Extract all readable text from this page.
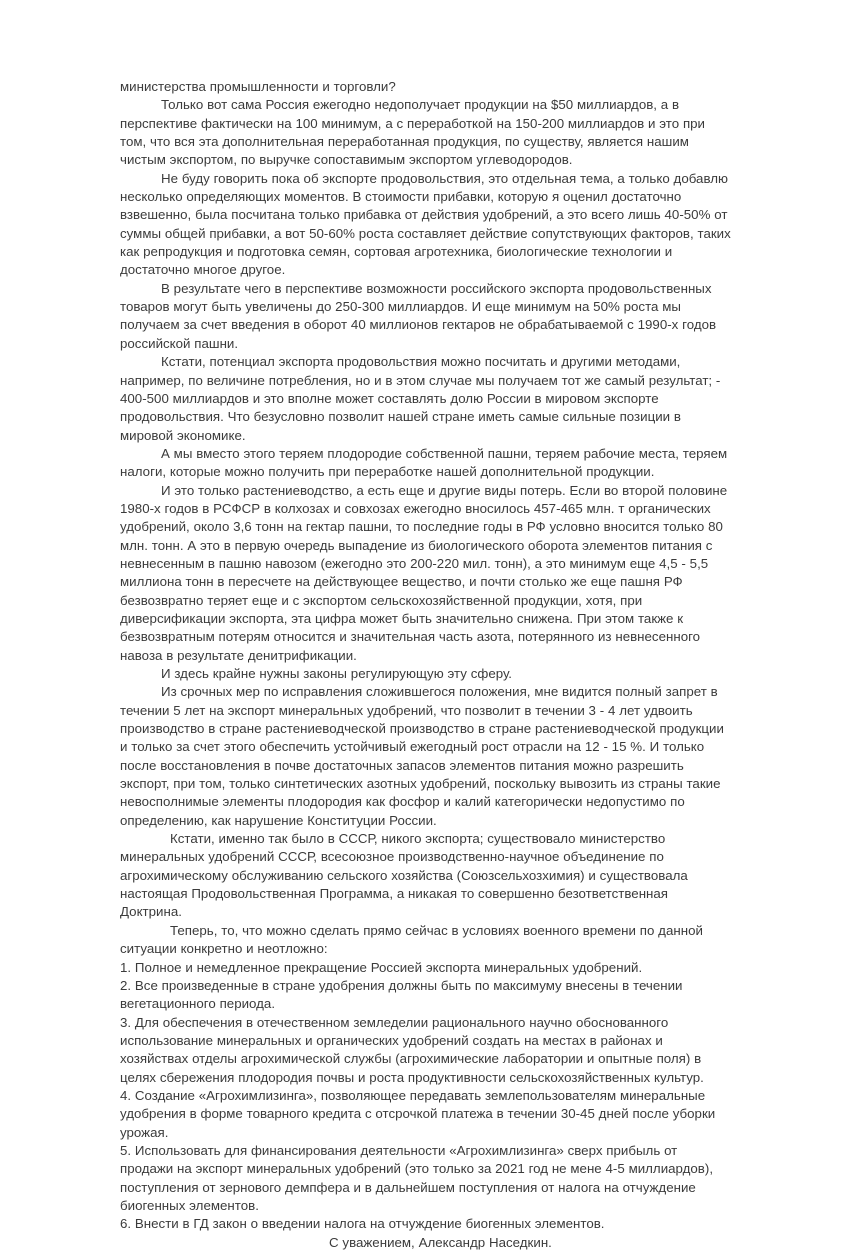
министерства промышленности и торговли?

Только вот сама Россия ежегодно недополучает продукции на $50 миллиардов, а в перспективе фактически на 100 минимум, а с переработкой на 150-200 миллиардов и это при том, что вся эта дополнительная переработанная продукция, по существу, является нашим чистым экспортом, по выручке сопоставимым экспортом углеводородов.

Не буду говорить пока об экспорте продовольствия, это отдельная тема, а только добавлю несколько определяющих моментов. В стоимости прибавки, которую я оценил достаточно взвешенно, была посчитана только прибавка от действия удобрений, а это всего лишь 40-50% от суммы общей прибавки, а вот 50-60% роста составляет действие сопутствующих факторов, таких как репродукция и подготовка семян, сортовая агротехника, биологические технологии и достаточно многое другое.

В результате чего в перспективе возможности российского экспорта продовольственных товаров могут быть увеличены до 250-300 миллиардов. И еще минимум на 50% роста мы получаем за счет введения в оборот 40 миллионов гектаров не обрабатываемой с 1990-х годов российской пашни.

Кстати, потенциал экспорта продовольствия можно посчитать и другими методами, например, по величине потребления, но и в этом случае мы получаем тот же самый результат; - 400-500 миллиардов и это вполне может составлять долю России в мировом экспорте продовольствия. Что безусловно позволит нашей стране иметь самые сильные позиции в мировой экономике.

А мы вместо этого теряем плодородие собственной пашни, теряем рабочие места, теряем налоги, которые можно получить при переработке нашей дополнительной продукции.

И это только растениеводство, а есть еще и другие виды потерь. Если во второй половине 1980-х годов в РСФСР в колхозах и совхозах ежегодно вносилось 457-465 млн. т органических удобрений, около 3,6 тонн на гектар пашни, то последние годы в РФ условно вносится только 80 млн. тонн. А это в первую очередь выпадение из биологического оборота элементов питания с невнесенным в пашню навозом (ежегодно это 200-220 мил. тонн), а это минимум еще 4,5 - 5,5 миллиона тонн в пересчете на действующее вещество, и почти столько же еще пашня РФ безвозвратно теряет еще и с экспортом сельскохозяйственной продукции, хотя, при диверсификации экспорта, эта цифра может быть значительно снижена. При этом также к безвозвратным потерям относится и значительная часть азота, потерянного из невнесенного навоза в результате денитрификации.

И здесь крайне нужны законы регулирующую эту сферу.

Из срочных мер по исправления сложившегося положения, мне видится полный запрет в течении 5 лет на экспорт минеральных удобрений, что позволит в течении 3 - 4 лет удвоить производство в стране растениеводческой производство в стране растениеводческой продукции и только за счет этого обеспечить устойчивый ежегодный рост отрасли на 12 - 15 %. И только после восстановления в почве достаточных запасов элементов питания можно разрешить экспорт, при том, только синтетических азотных удобрений, поскольку вывозить из страны такие невосполнимые элементы плодородия как фосфор и калий категорически недопустимо по определению, как нарушение Конституции России.

Кстати, именно так было в СССР, никого экспорта; существовало министерство минеральных удобрений СССР, всесоюзное производственно-научное объединение по агрохимическому обслуживанию сельского хозяйства (Союзсельхозхимия) и существовала настоящая Продовольственная Программа, а никакая то совершенно безответственная Доктрина.

Теперь, то, что можно сделать прямо сейчас в условиях военного времени по данной ситуации конкретно и неотложно:

1. Полное и немедленное прекращение Россией экспорта минеральных удобрений.

2. Все произведенные в стране удобрения должны быть по максимуму внесены в течении вегетационного периода.

3. Для обеспечения в отечественном земледелии рационального научно обоснованного использование минеральных и органических удобрений создать на местах в районах и хозяйствах отделы агрохимической службы (агрохимические лаборатории и опытные поля) в целях сбережения плодородия почвы и роста продуктивности сельскохозяйственных культур.

4. Создание «Агрохимлизинга», позволяющее передавать землепользователям минеральные удобрения в форме товарного кредита с отсрочкой платежа в течении 30-45 дней после уборки урожая.

5. Использовать для финансирования деятельности «Агрохимлизинга» сверх прибыль от продажи на экспорт минеральных удобрений (это только за 2021 год не мене 4-5 миллиардов), поступления от зернового демпфера и в дальнейшем поступления от налога на отчуждение биогенных элементов.

6. Внести в ГД закон о введении налога на отчуждение биогенных элементов.

С уважением, Александр Наседкин.
